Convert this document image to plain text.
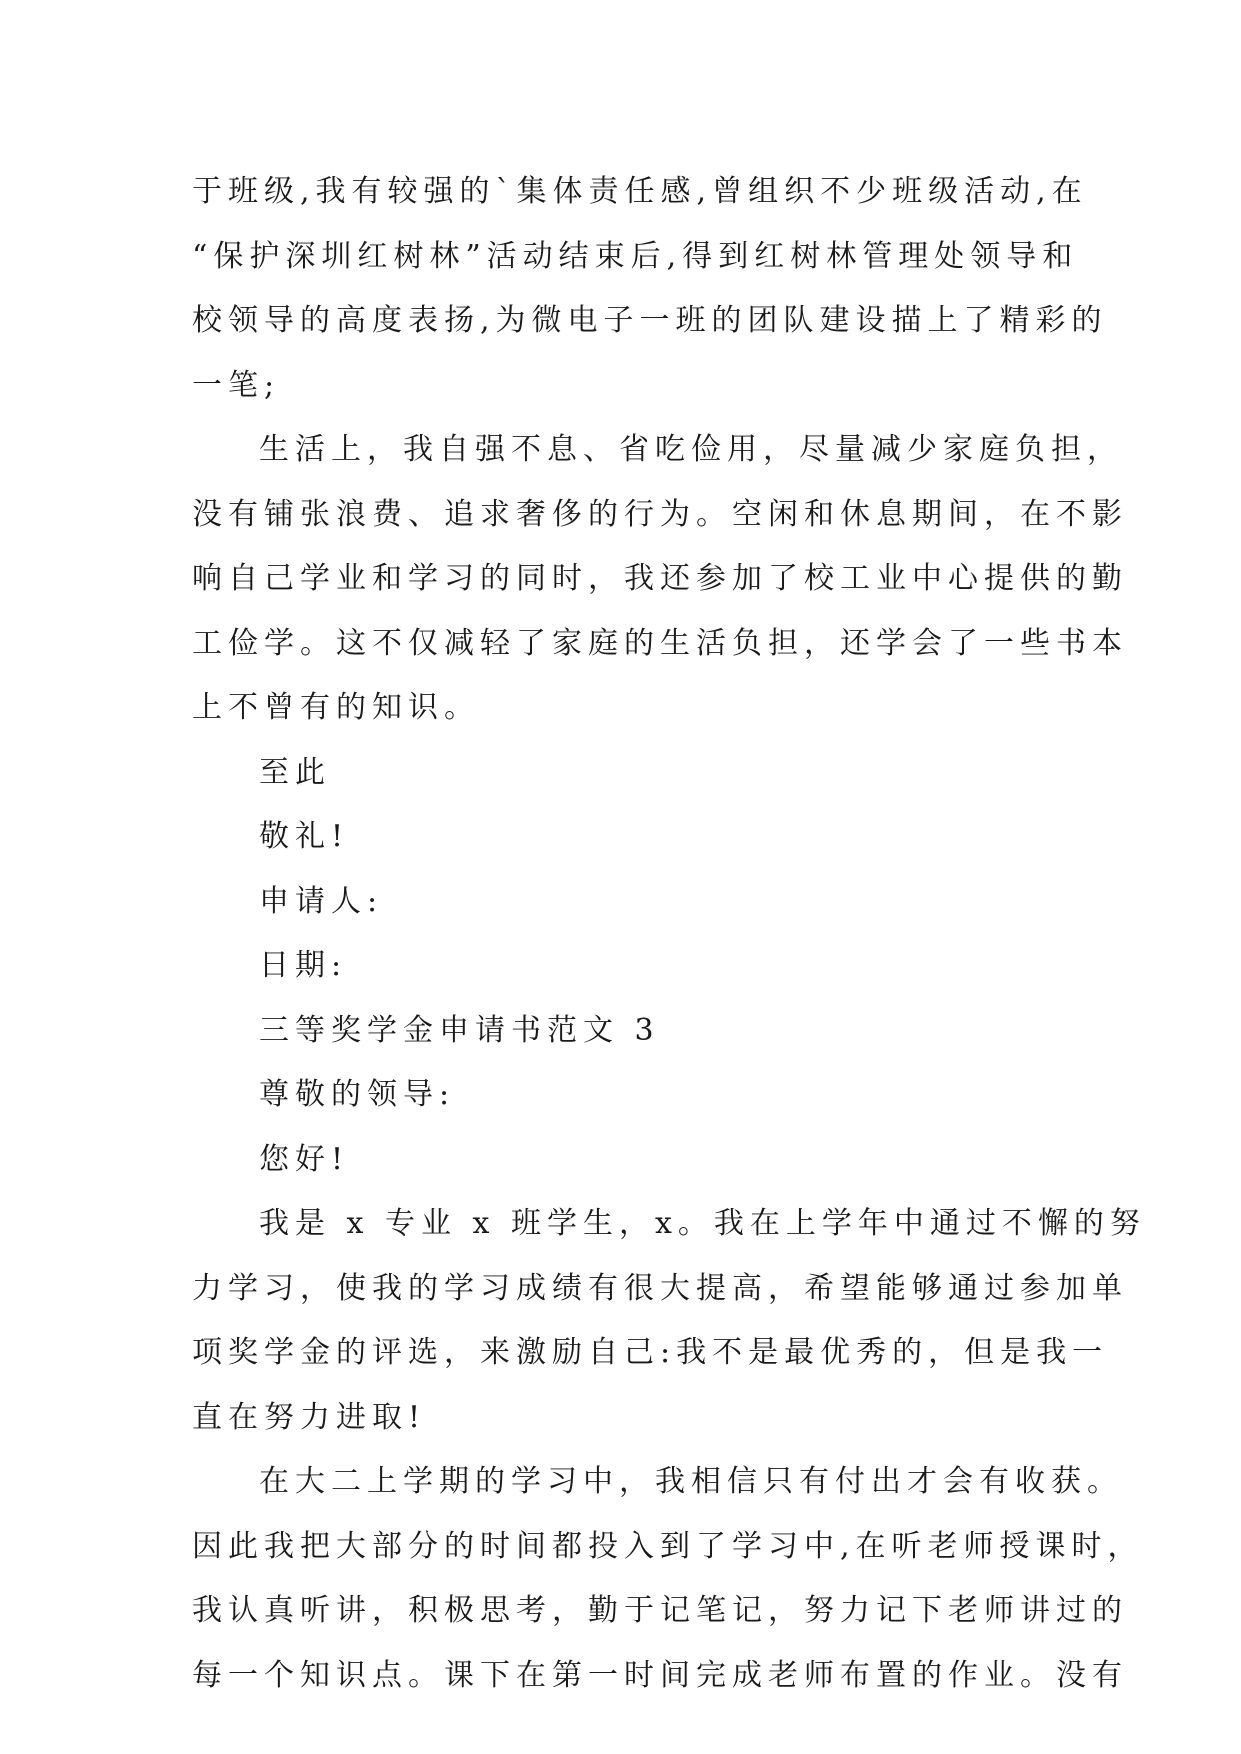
于班级,我有较强的`集体责任感,曾组织不少班级活动,在
“保护深圳红树林”活动结束后,得到红树林管理处领导和
校领导的高度表扬,为微电子一班的团队建设描上了精彩的
一笔;
生活上，我自强不息、省吃俭用，尽量减少家庭负担，
没有铺张浪费、追求奢侈的行为。空闲和休息期间，在不影
响自己学业和学习的同时，我还参加了校工业中心提供的勤
工俭学。这不仅减轻了家庭的生活负担，还学会了一些书本
上不曾有的知识。
至此
敬礼!
申请人:
日期:
三等奖学金申请书范文 3
尊敬的领导:
您好!
我是 x 专业 x 班学生，x。我在上学年中通过不懈的努
力学习，使我的学习成绩有很大提高，希望能够通过参加单
项奖学金的评选，来激励自己:我不是最优秀的，但是我一
直在努力进取!
在大二上学期的学习中，我相信只有付出才会有收获。
因此我把大部分的时间都投入到了学习中,在听老师授课时，
我认真听讲，积极思考，勤于记笔记，努力记下老师讲过的
每一个知识点。课下在第一时间完成老师布置的作业。没有
